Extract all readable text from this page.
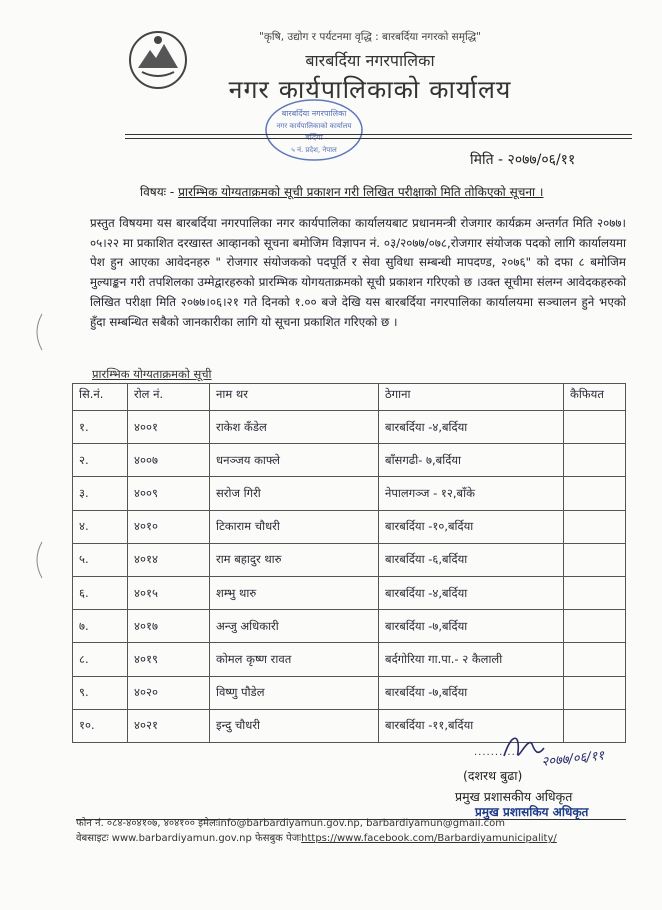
"कृषि, उद्योग र पर्यटनमा वृद्धि : बारबर्दिया नगरको समृद्धि"
बारबर्दिया नगरपालिका
नगर कार्यपालिकाको कार्यालय
बारबर्दिया नगरपालिका
नगर कार्यपालिकाको कार्यालय
बर्दिया
५ नं. प्रदेश, नेपाल
मिति - २०७७/०६/११
विषयः - प्रारम्भिक योग्यताक्रमको सूची प्रकाशन गरी लिखित परीक्षाको मिति तोकिएको सूचना ।
प्रस्तुत विषयमा यस बारबर्दिया नगरपालिका नगर कार्यपालिका कार्यालयबाट प्रधानमन्त्री रोजगार कार्यक्रम अन्तर्गत मिति २०७७।०५।२२ मा प्रकाशित दरखास्त आव्हानको सूचना बमोजिम विज्ञापन नं. ०३/२०७७/०७८,रोजगार संयोजक पदको लागि कार्यालयमा पेश हुन आएका आवेदनहरु " रोजगार संयोजकको पदपूर्ति र सेवा सुविधा सम्बन्धी मापदण्ड, २०७६" को दफा ८ बमोजिम मुल्याङ्कन गरी तपशिलका उम्मेद्वारहरुको प्रारम्भिक योगयताक्रमको सूची प्रकाशन गरिएको छ ।उक्त सूचीमा संलग्न आवेदकहरुको लिखित परीक्षा मिति २०७७।०६।२१ गते दिनको १.०० बजे देखि यस बारबर्दिया नगरपालिका कार्यालयमा सञ्चालन हुने भएको हुँदा सम्बन्धित सबैको जानकारीका लागि यो सूचना प्रकाशित गरिएको छ ।
प्रारम्भिक योग्यताक्रमको सूची
सि.नं.	रोल नं.	नाम थर	ठेगाना	कैफियत
१.	४००१	राकेश कँडेल	बारबर्दिया -४,बर्दिया	
२.	४००७	धनञ्जय काफ्ले	बाँसगढी- ७,बर्दिया	
३.	४००९	सरोज गिरी	नेपालगञ्ज - १२,बाँके	
४.	४०१०	टिकाराम चौधरी	बारबर्दिया -१०,बर्दिया	
५.	४०१४	राम बहादुर थारु	बारबर्दिया -६,बर्दिया	
६.	४०१५	शम्भु थारु	बारबर्दिया -४,बर्दिया	
७.	४०१७	अन्जु अधिकारी	बारबर्दिया -७,बर्दिया	
८.	४०१९	कोमल कृष्ण रावत	बर्दगोरिया गा.पा.- २ कैलाली	
९.	४०२०	विष्णु पौडेल	बारबर्दिया -७,बर्दिया	
१०.	४०२१	इन्दु चौधरी	बारबर्दिया -११,बर्दिया	
........... २०७७/०६/११
(दशरथ बुढा)
प्रमुख प्रशासकीय अधिकृत
प्रमुख प्रशासकिय अधिकृत
फोन नं. ०८४-४०४१०७, ४०४१०० इमेलःinfo@barbardiyamun.gov.np, barbardiyamun@gmail.com
वेबसाइटः www.barbardiyamun.gov.np फेसबुक पेजःhttps://www.facebook.com/Barbardiyamunicipality/
